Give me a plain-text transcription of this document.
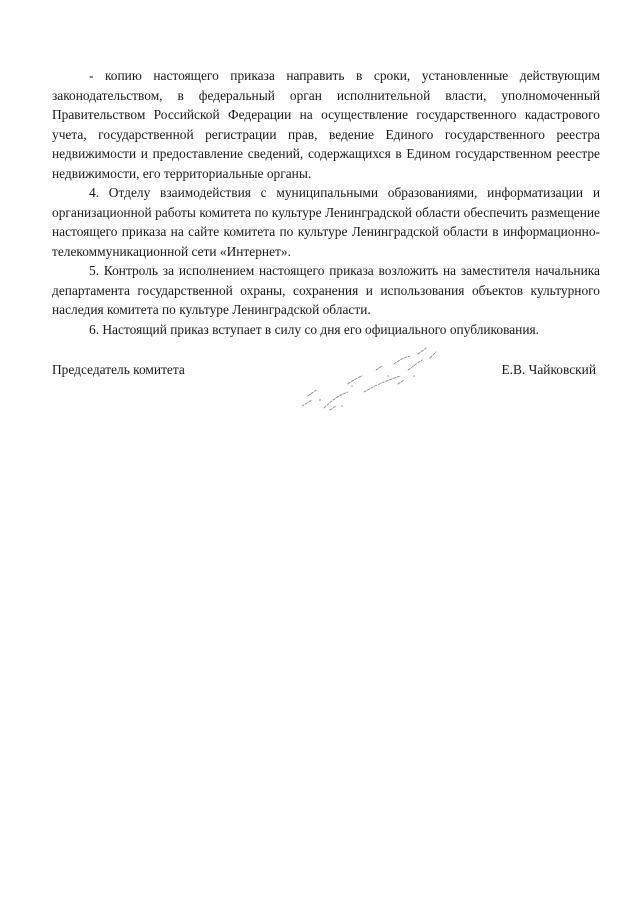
- копию настоящего приказа направить в сроки, установленные действующим законодательством, в федеральный орган исполнительной власти, уполномоченный Правительством Российской Федерации на осуществление государственного кадастрового учета, государственной регистрации прав, ведение Единого государственного реестра недвижимости и предоставление сведений, содержащихся в Едином государственном реестре недвижимости, его территориальные органы.

4. Отделу взаимодействия с муниципальными образованиями, информатизации и организационной работы комитета по культуре Ленинградской области обеспечить размещение настоящего приказа на сайте комитета по культуре Ленинградской области в информационно-телекоммуникационной сети «Интернет».

5. Контроль за исполнением настоящего приказа возложить на заместителя начальника департамента государственной охраны, сохранения и использования объектов культурного наследия комитета по культуре Ленинградской области.

6. Настоящий приказ вступает в силу со дня его официального опубликования.

Председатель комитета	Е.В. Чайковский
